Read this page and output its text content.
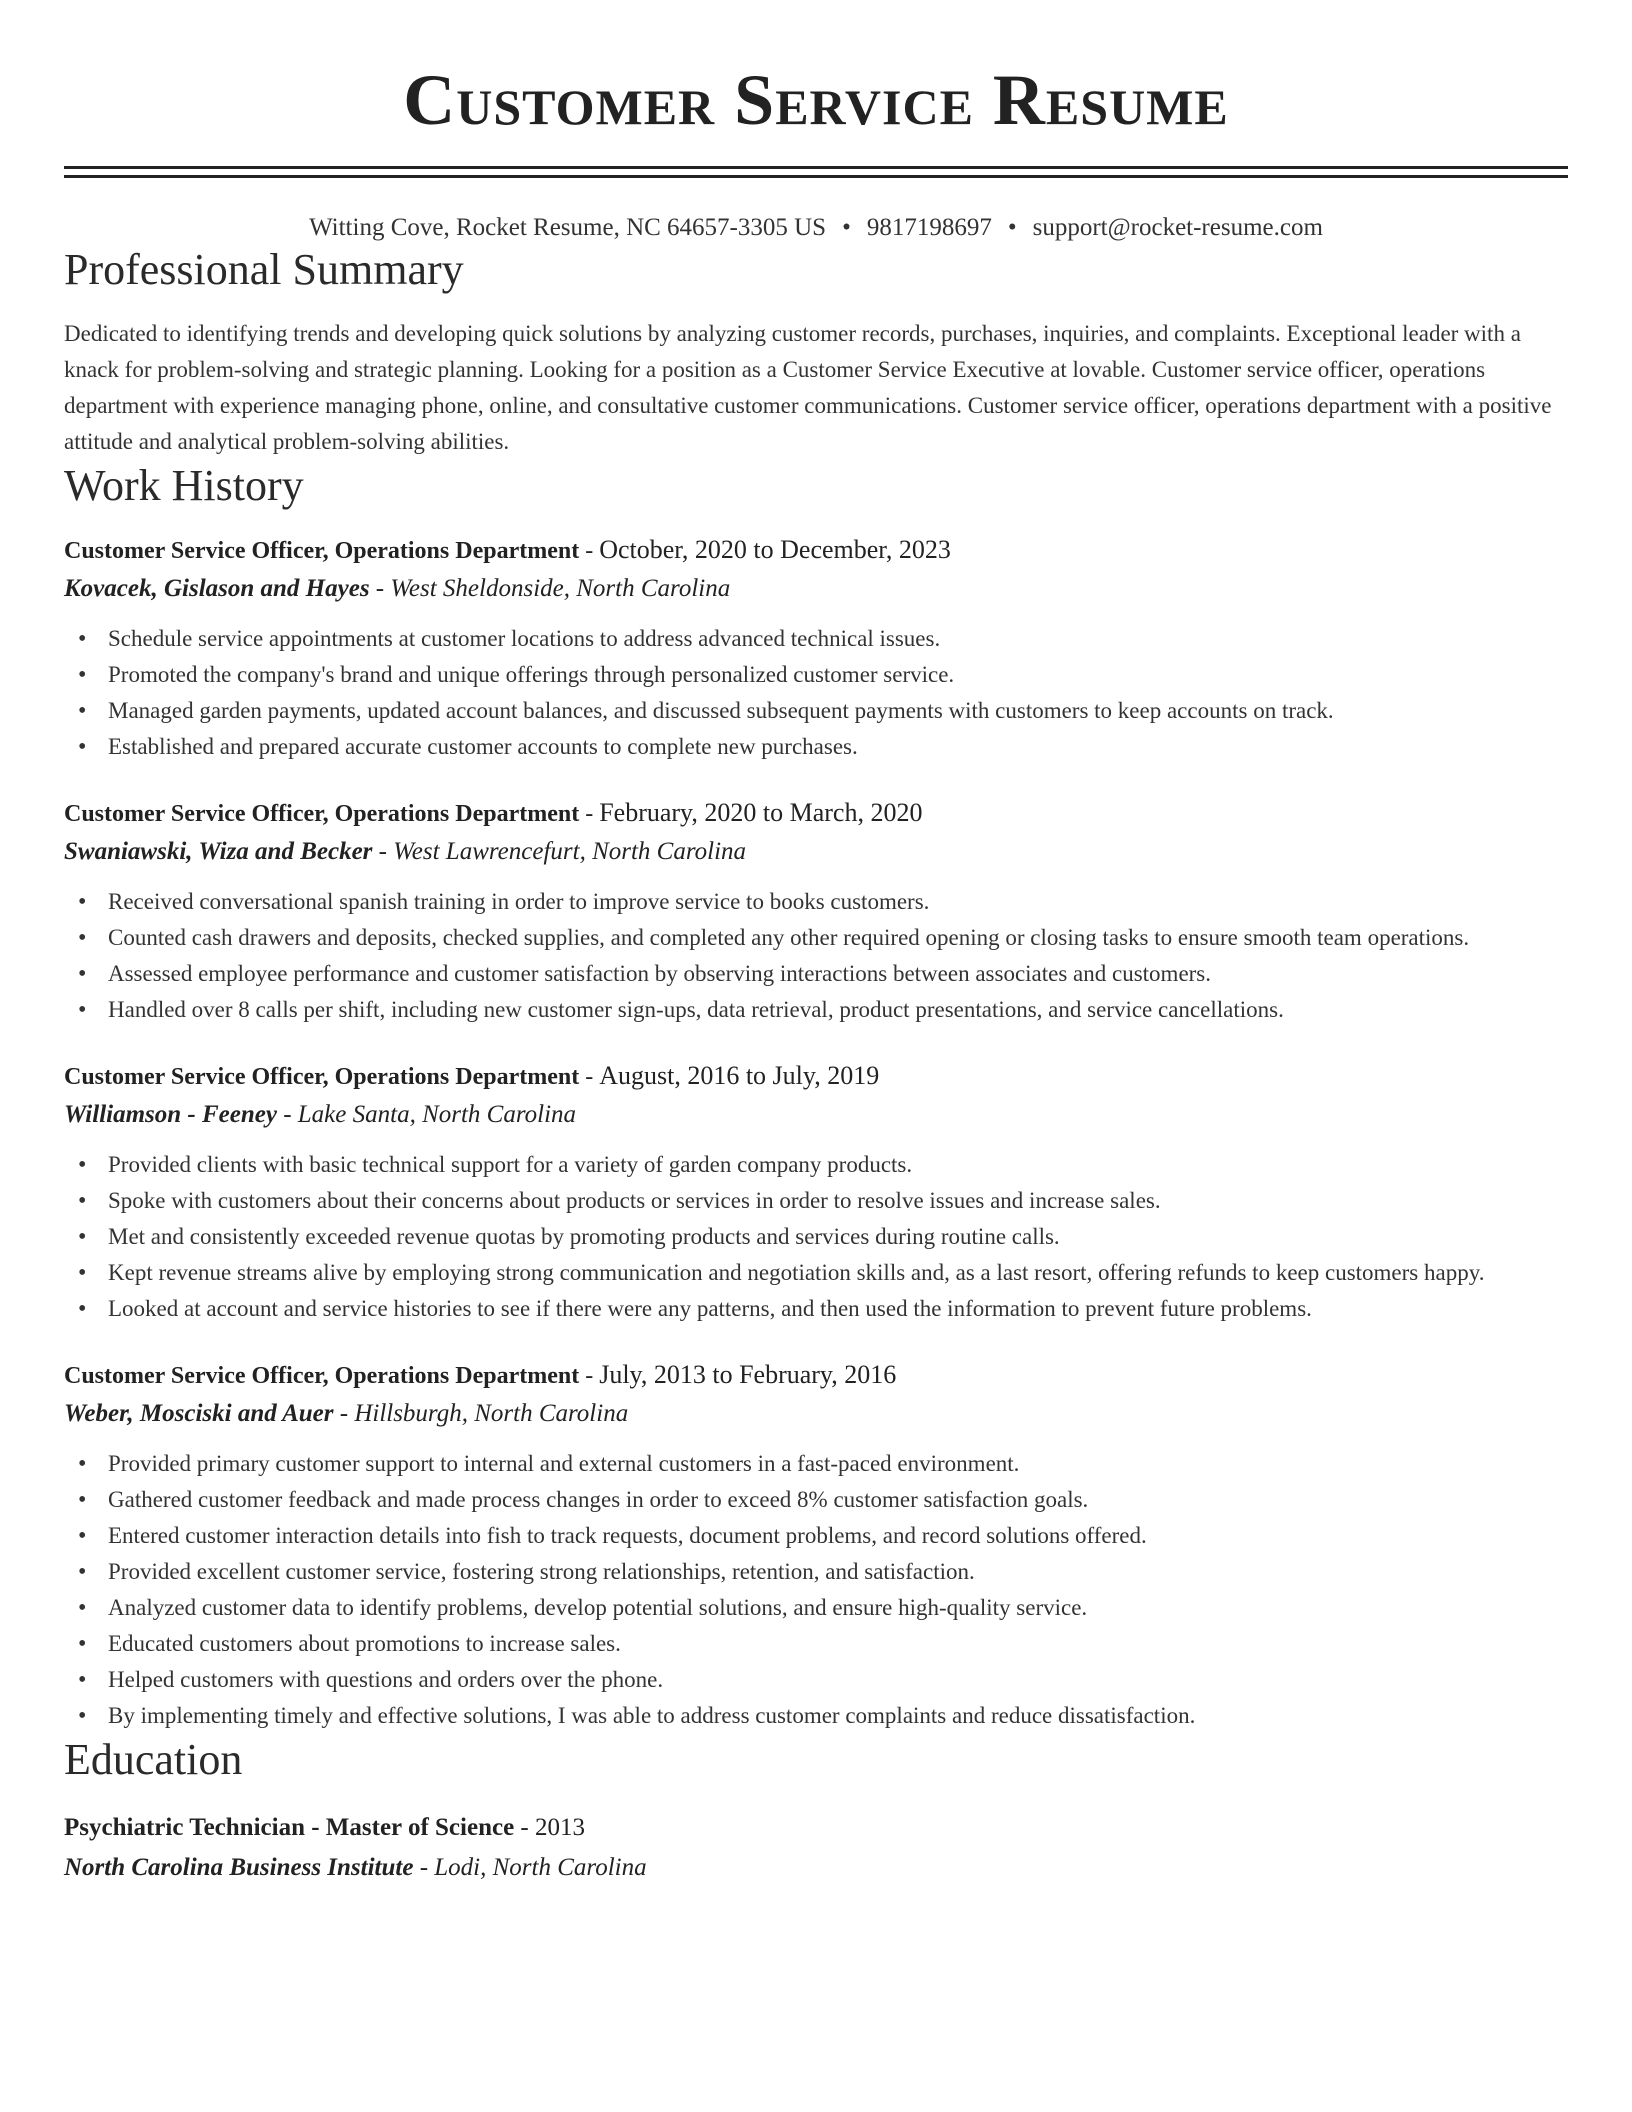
Customer Service Resume
Witting Cove, Rocket Resume, NC 64657-3305 US • 9817198697 • support@rocket-resume.com
Professional Summary

Dedicated to identifying trends and developing quick solutions by analyzing customer records, purchases, inquiries, and complaints. Exceptional leader with a knack for problem-solving and strategic planning. Looking for a position as a Customer Service Executive at lovable. Customer service officer, operations department with experience managing phone, online, and consultative customer communications. Customer service officer, operations department with a positive attitude and analytical problem-solving abilities.

Work History
Customer Service Officer, Operations Department - October, 2020 to December, 2023
Kovacek, Gislason and Hayes - West Sheldonside, North Carolina
• Schedule service appointments at customer locations to address advanced technical issues.
• Promoted the company's brand and unique offerings through personalized customer service.
• Managed garden payments, updated account balances, and discussed subsequent payments with customers to keep accounts on track.
• Established and prepared accurate customer accounts to complete new purchases.
Customer Service Officer, Operations Department - February, 2020 to March, 2020
Swaniawski, Wiza and Becker - West Lawrencefurt, North Carolina
• Received conversational spanish training in order to improve service to books customers.
• Counted cash drawers and deposits, checked supplies, and completed any other required opening or closing tasks to ensure smooth team operations.
• Assessed employee performance and customer satisfaction by observing interactions between associates and customers.
• Handled over 8 calls per shift, including new customer sign-ups, data retrieval, product presentations, and service cancellations.
Customer Service Officer, Operations Department - August, 2016 to July, 2019
Williamson - Feeney - Lake Santa, North Carolina
• Provided clients with basic technical support for a variety of garden company products.
• Spoke with customers about their concerns about products or services in order to resolve issues and increase sales.
• Met and consistently exceeded revenue quotas by promoting products and services during routine calls.
• Kept revenue streams alive by employing strong communication and negotiation skills and, as a last resort, offering refunds to keep customers happy.
• Looked at account and service histories to see if there were any patterns, and then used the information to prevent future problems.
Customer Service Officer, Operations Department - July, 2013 to February, 2016
Weber, Mosciski and Auer - Hillsburgh, North Carolina
• Provided primary customer support to internal and external customers in a fast-paced environment.
• Gathered customer feedback and made process changes in order to exceed 8% customer satisfaction goals.
• Entered customer interaction details into fish to track requests, document problems, and record solutions offered.
• Provided excellent customer service, fostering strong relationships, retention, and satisfaction.
• Analyzed customer data to identify problems, develop potential solutions, and ensure high-quality service.
• Educated customers about promotions to increase sales.
• Helped customers with questions and orders over the phone.
• By implementing timely and effective solutions, I was able to address customer complaints and reduce dissatisfaction.
Education
Psychiatric Technician - Master of Science - 2013
North Carolina Business Institute - Lodi, North Carolina
